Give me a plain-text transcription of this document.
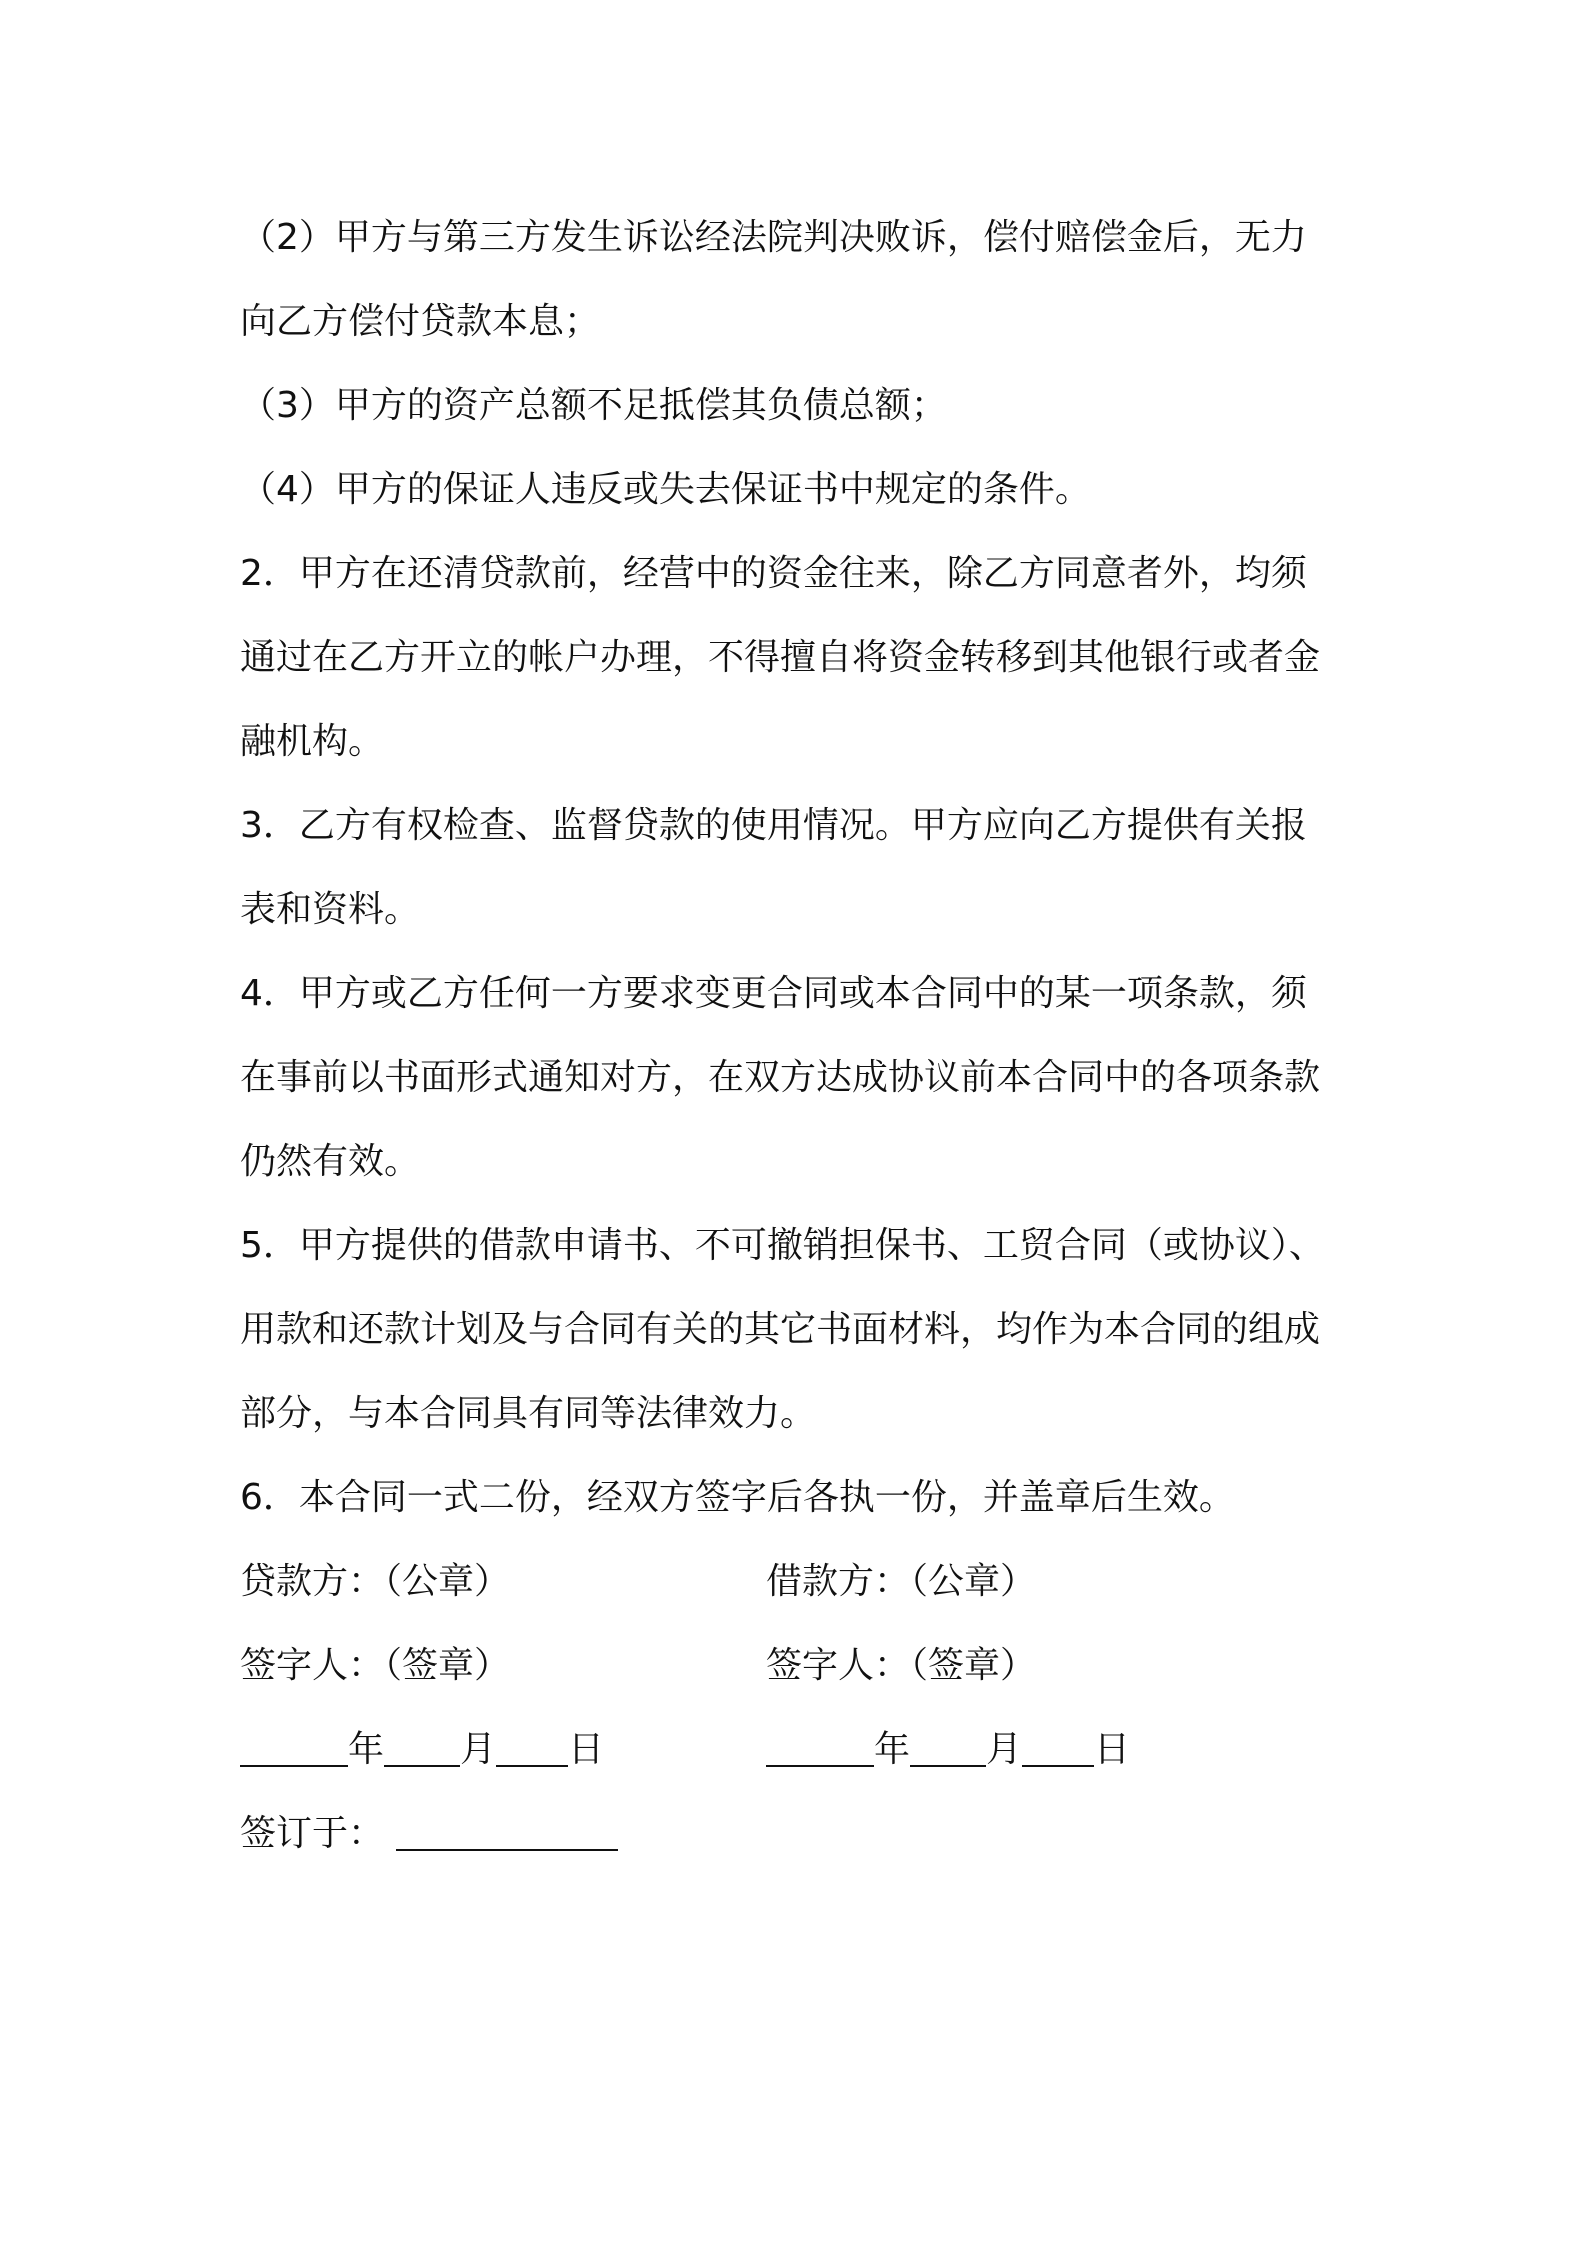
（2）甲方与第三方发生诉讼经法院判决败诉，偿付赔偿金后，无力
向乙方偿付贷款本息；
（3）甲方的资产总额不足抵偿其负债总额；
（4）甲方的保证人违反或失去保证书中规定的条件。
2．甲方在还清贷款前，经营中的资金往来，除乙方同意者外，均须
通过在乙方开立的帐户办理，不得擅自将资金转移到其他银行或者金
融机构。
3．乙方有权检查、监督贷款的使用情况。甲方应向乙方提供有关报
表和资料。
4．甲方或乙方任何一方要求变更合同或本合同中的某一项条款，须
在事前以书面形式通知对方，在双方达成协议前本合同中的各项条款
仍然有效。
5．甲方提供的借款申请书、不可撤销担保书、工贸合同（或协议）、
用款和还款计划及与合同有关的其它书面材料，均作为本合同的组成
部分，与本合同具有同等法律效力。
6．本合同一式二份，经双方签字后各执一份，并盖章后生效。
贷款方：（公章）	借款方：（公章）
签字人：（签章）	签字人：（签章）
年 月 日	年 月 日
签订于：
